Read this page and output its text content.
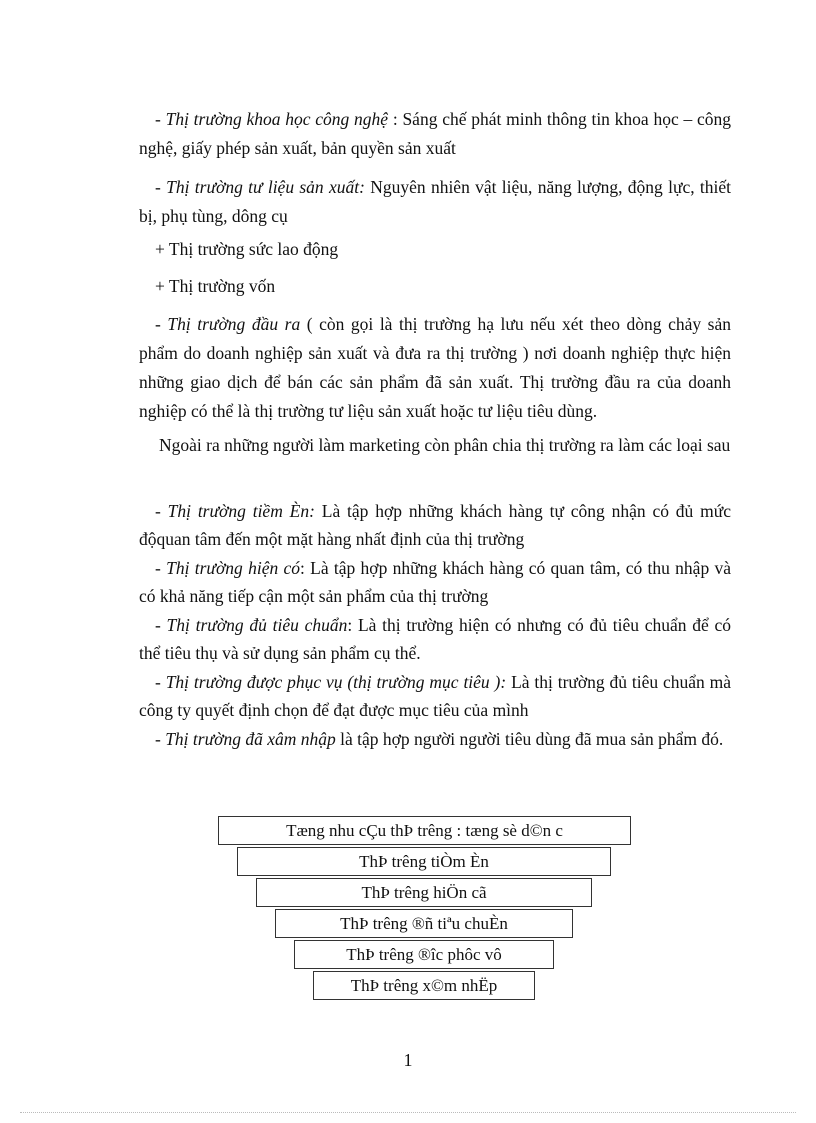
- Thị trường khoa học công nghệ : Sáng chế phát minh thông tin khoa học – công nghệ, giấy phép sản xuất, bản quyền sản xuất

- Thị trường tư liệu sản xuất: Nguyên nhiên vật liệu, năng lượng, động lực, thiết bị, phụ tùng, dông cụ

+ Thị trường sức lao động

+ Thị trường vốn

- Thị trường đầu ra ( còn gọi là thị trường hạ lưu nếu xét theo dòng chảy sản phẩm do doanh nghiệp sản xuất và đưa ra thị trường ) nơi doanh nghiệp thực hiện những giao dịch để bán các sản phẩm đã sản xuất. Thị trường đầu ra của doanh nghiệp có thể là thị trường tư liệu sản xuất hoặc tư liệu tiêu dùng.

Ngoài ra những người làm marketing còn phân chia thị trường ra làm các loại sau

- Thị trường tiềm Èn: Là tập hợp những khách hàng tự công nhận có đủ mức độquan tâm đến một mặt hàng nhất định của thị trường

- Thị trường hiện có: Là tập hợp những khách hàng có quan tâm, có thu nhập và có khả năng tiếp cận một sản phẩm của thị trường

- Thị trường đủ tiêu chuẩn: Là thị trường hiện có nhưng có đủ tiêu chuẩn để có thể tiêu thụ và sử dụng sản phẩm cụ thể.

- Thị trường được phục vụ (thị trường mục tiêu ): Là thị trường đủ tiêu chuẩn mà công ty quyết định chọn để đạt được mục tiêu của mình

- Thị trường đã xâm nhập là tập hợp người người tiêu dùng đã mua sản phẩm đó.

Tæng nhu cÇu thÞ trêng : tæng sè d©n c
ThÞ trêng tiÒm Èn
ThÞ trêng hiÖn cã
ThÞ trêng ®ñ tiªu chuÈn
ThÞ trêng ®îc phôc vô
ThÞ trêng x©m nhËp
1
